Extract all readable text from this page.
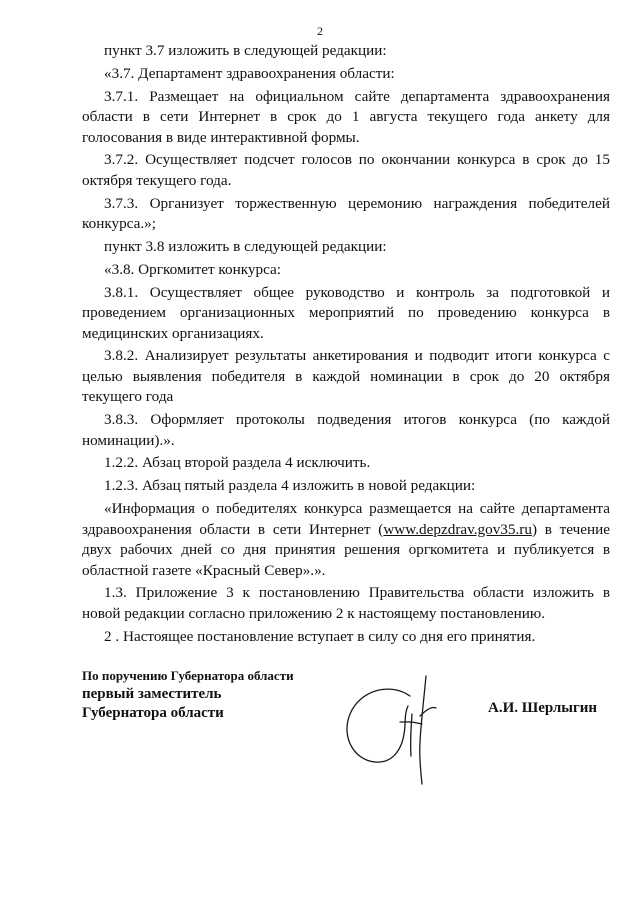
2

пункт 3.7 изложить в следующей редакции:

«3.7. Департамент здравоохранения области:

3.7.1. Размещает на официальном сайте департамента здравоохранения области в сети Интернет в срок до 1 августа текущего года анкету для голосования в виде интерактивной формы.

3.7.2. Осуществляет подсчет голосов по окончании конкурса в срок до 15 октября текущего года.

3.7.3. Организует торжественную церемонию награждения победителей конкурса.»;

пункт 3.8 изложить в следующей редакции:

«3.8. Оргкомитет конкурса:

3.8.1. Осуществляет общее руководство и контроль за подготовкой и проведением организационных мероприятий по проведению конкурса в медицинских организациях.

3.8.2. Анализирует результаты анкетирования и подводит итоги конкурса с целью выявления победителя в каждой номинации в срок до 20 октября текущего года

3.8.3. Оформляет протоколы подведения итогов конкурса (по каждой номинации).».

1.2.2. Абзац второй раздела 4 исключить.

1.2.3. Абзац пятый раздела 4 изложить в новой редакции:

«Информация о победителях конкурса размещается на сайте департамента здравоохранения области в сети Интернет (www.depzdrav.gov35.ru) в течение двух рабочих дней со дня принятия решения оргкомитета и публикуется в областной газете «Красный Север».».

1.3. Приложение 3 к постановлению Правительства области изложить в новой редакции согласно приложению 2 к настоящему постановлению.

2 . Настоящее постановление вступает в силу со дня его принятия.

По поручению Губернатора области
первый заместитель
Губернатора области	А.И. Шерлыгин
